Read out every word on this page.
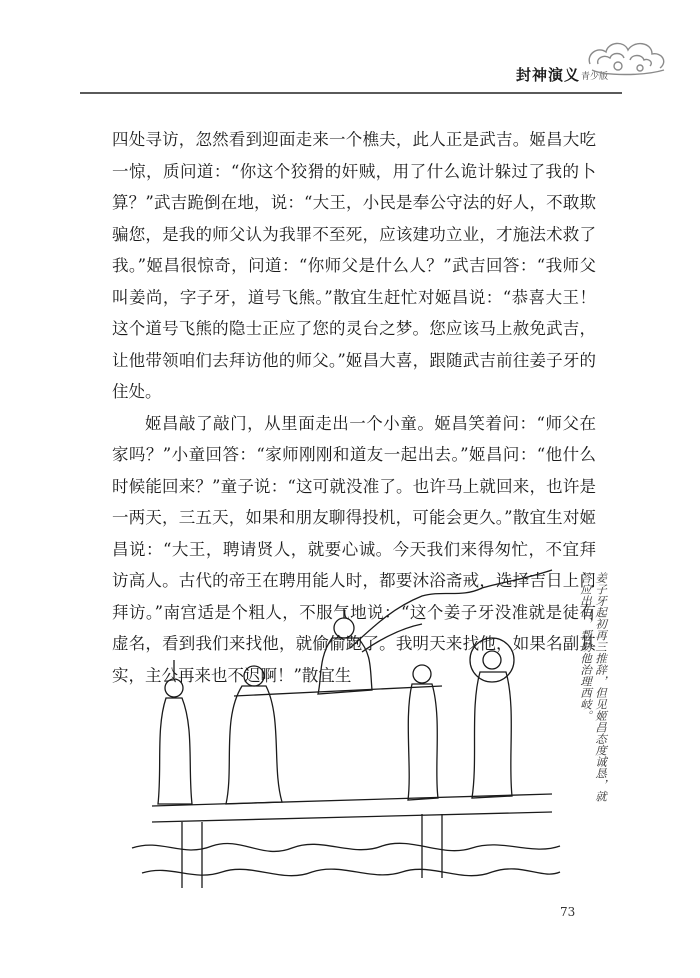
封神演义 青少版

四处寻访，忽然看到迎面走来一个樵夫，此人正是武吉。姬昌大吃一惊，质问道：“你这个狡猾的奸贼，用了什么诡计躲过了我的卜算？”武吉跪倒在地，说：“大王，小民是奉公守法的好人，不敢欺骗您，是我的师父认为我罪不至死，应该建功立业，才施法术救了我。”姬昌很惊奇，问道：“你师父是什么人？”武吉回答：“我师父叫姜尚，字子牙，道号飞熊。”散宜生赶忙对姬昌说：“恭喜大王！这个道号飞熊的隐士正应了您的灵台之梦。您应该马上赦免武吉，让他带领咱们去拜访他的师父。”姬昌大喜，跟随武吉前往姜子牙的住处。

姬昌敲了敲门，从里面走出一个小童。姬昌笑着问：“师父在家吗？”小童回答：“家师刚刚和道友一起出去。”姬昌问：“他什么时候能回来？”童子说：“这可就没准了。也许马上就回来，也许是一两天，三五天，如果和朋友聊得投机，可能会更久。”散宜生对姬昌说：“大王，聘请贤人，就要心诚。今天我们来得匆忙，不宜拜访高人。古代的帝王在聘用能人时，都要沐浴斋戒，选择吉日上门拜访。”南宫适是个粗人，不服气地说：“这个姜子牙没准就是徒有虚名，看到我们来找他，就偷偷跑了。我明天来找他，如果名副其实，主公再来也不迟啊！”散宜生	姜子牙起初再三推辞，但见姬昌态度诚恳，就答应出山，帮助他治理西岐。
73
